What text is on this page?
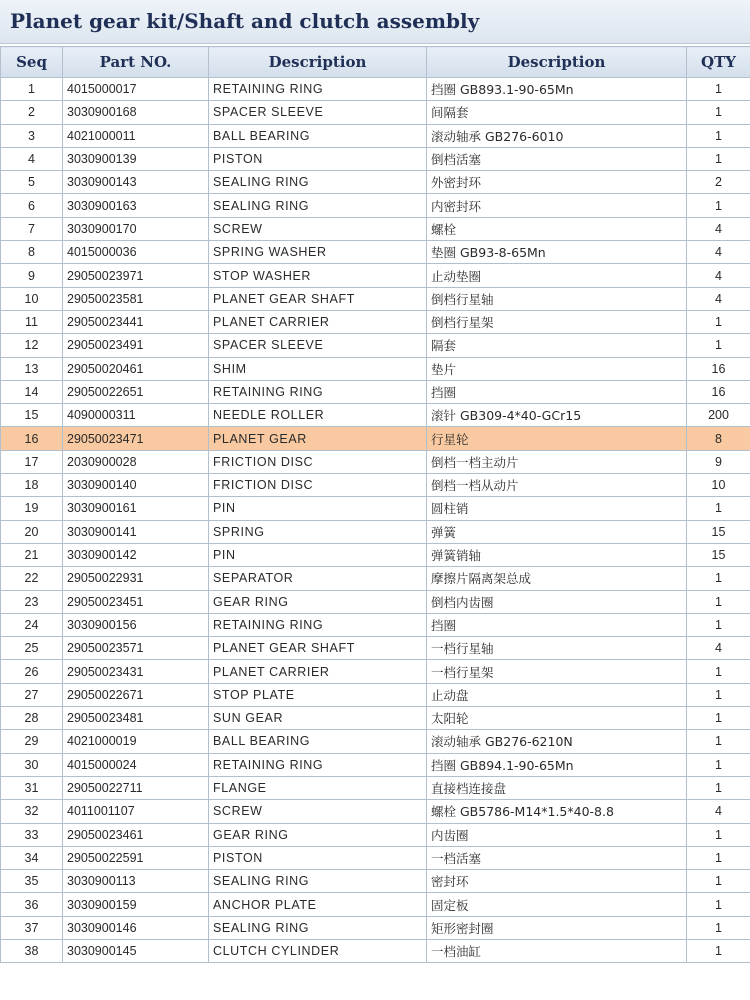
Planet gear kit/Shaft and clutch assembly
Seq	Part NO.	Description	Description	QTY
1	4015000017	RETAINING RING	挡圈 GB893.1-90-65Mn	1
2	3030900168	SPACER SLEEVE	间隔套	1
3	4021000011	BALL BEARING	滚动轴承 GB276-6010	1
4	3030900139	PISTON	倒档活塞	1
5	3030900143	SEALING RING	外密封环	2
6	3030900163	SEALING RING	内密封环	1
7	3030900170	SCREW	螺栓	4
8	4015000036	SPRING WASHER	垫圈 GB93-8-65Mn	4
9	29050023971	STOP WASHER	止动垫圈	4
10	29050023581	PLANET GEAR SHAFT	倒档行星轴	4
11	29050023441	PLANET CARRIER	倒档行星架	1
12	29050023491	SPACER SLEEVE	隔套	1
13	29050020461	SHIM	垫片	16
14	29050022651	RETAINING RING	挡圈	16
15	4090000311	NEEDLE ROLLER	滚针 GB309-4*40-GCr15	200
16	29050023471	PLANET GEAR	行星轮	8
17	2030900028	FRICTION DISC	倒档一档主动片	9
18	3030900140	FRICTION DISC	倒档一档从动片	10
19	3030900161	PIN	圆柱销	1
20	3030900141	SPRING	弹簧	15
21	3030900142	PIN	弹簧销轴	15
22	29050022931	SEPARATOR	摩擦片隔离架总成	1
23	29050023451	GEAR RING	倒档内齿圈	1
24	3030900156	RETAINING RING	挡圈	1
25	29050023571	PLANET GEAR SHAFT	一档行星轴	4
26	29050023431	PLANET CARRIER	一档行星架	1
27	29050022671	STOP PLATE	止动盘	1
28	29050023481	SUN GEAR	太阳轮	1
29	4021000019	BALL BEARING	滚动轴承 GB276-6210N	1
30	4015000024	RETAINING RING	挡圈 GB894.1-90-65Mn	1
31	29050022711	FLANGE	直接档连接盘	1
32	4011001107	SCREW	螺栓 GB5786-M14*1.5*40-8.8	4
33	29050023461	GEAR RING	内齿圈	1
34	29050022591	PISTON	一档活塞	1
35	3030900113	SEALING RING	密封环	1
36	3030900159	ANCHOR PLATE	固定板	1
37	3030900146	SEALING RING	矩形密封圈	1
38	3030900145	CLUTCH CYLINDER	一档油缸	1
